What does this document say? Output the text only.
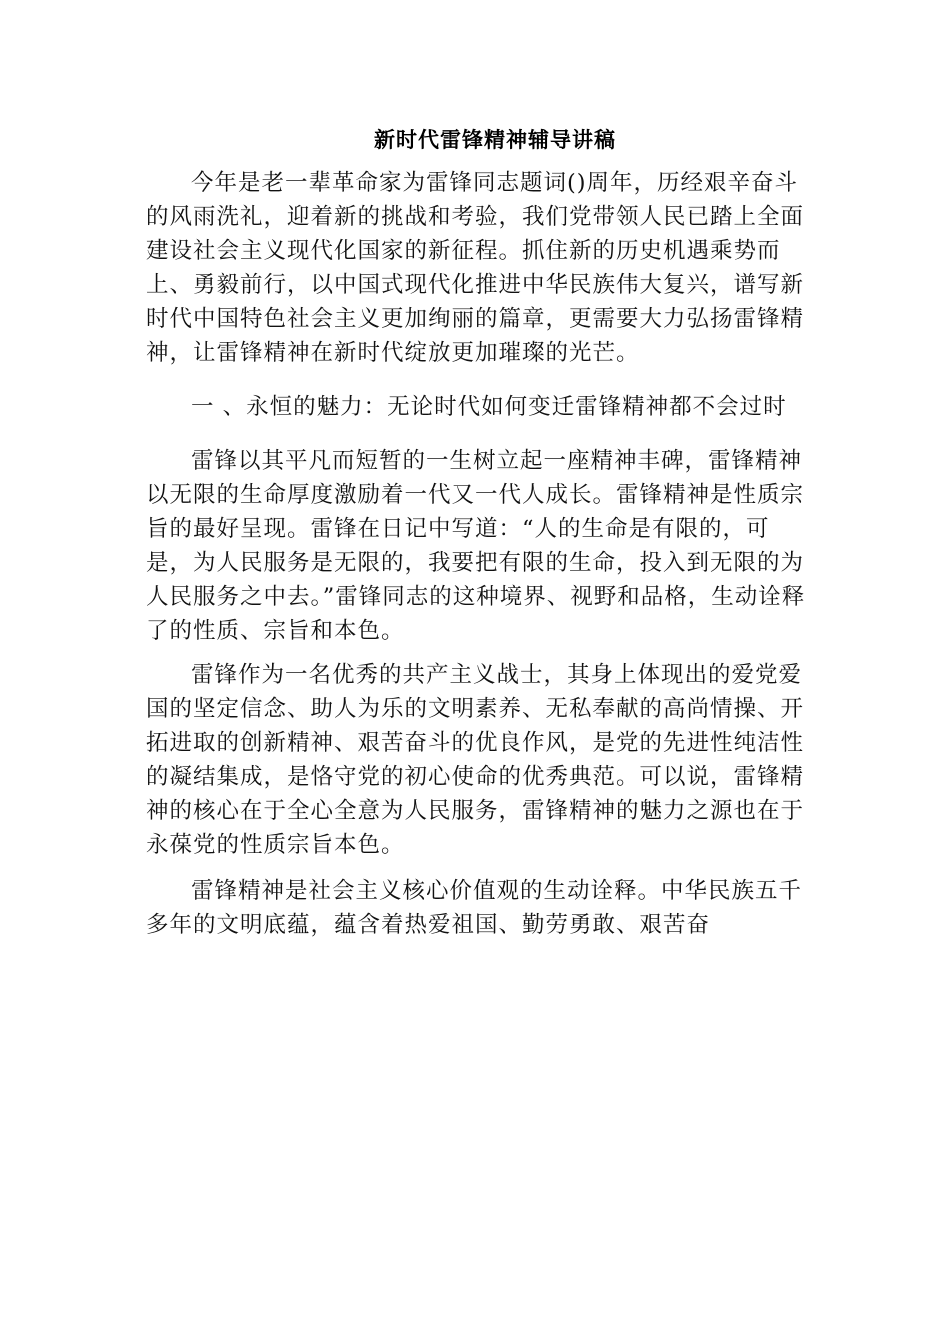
新时代雷锋精神辅导讲稿

今年是老一辈革命家为雷锋同志题词()周年，历经艰辛奋斗的风雨洗礼，迎着新的挑战和考验，我们党带领人民已踏上全面建设社会主义现代化国家的新征程。抓住新的历史机遇乘势而上、勇毅前行，以中国式现代化推进中华民族伟大复兴，谱写新时代中国特色社会主义更加绚丽的篇章，更需要大力弘扬雷锋精神，让雷锋精神在新时代绽放更加璀璨的光芒。

一 、永恒的魅力：无论时代如何变迁雷锋精神都不会过时

雷锋以其平凡而短暂的一生树立起一座精神丰碑，雷锋精神以无限的生命厚度激励着一代又一代人成长。雷锋精神是性质宗旨的最好呈现。雷锋在日记中写道：“人的生命是有限的，可是，为人民服务是无限的，我要把有限的生命，投入到无限的为人民服务之中去。”雷锋同志的这种境界、视野和品格，生动诠释了的性质、宗旨和本色。

雷锋作为一名优秀的共产主义战士，其身上体现出的爱党爱国的坚定信念、助人为乐的文明素养、无私奉献的高尚情操、开拓进取的创新精神、艰苦奋斗的优良作风，是党的先进性纯洁性的凝结集成，是恪守党的初心使命的优秀典范。可以说，雷锋精神的核心在于全心全意为人民服务，雷锋精神的魅力之源也在于永葆党的性质宗旨本色。

雷锋精神是社会主义核心价值观的生动诠释。中华民族五千多年的文明底蕴，蕴含着热爱祖国、勤劳勇敢、艰苦奋
